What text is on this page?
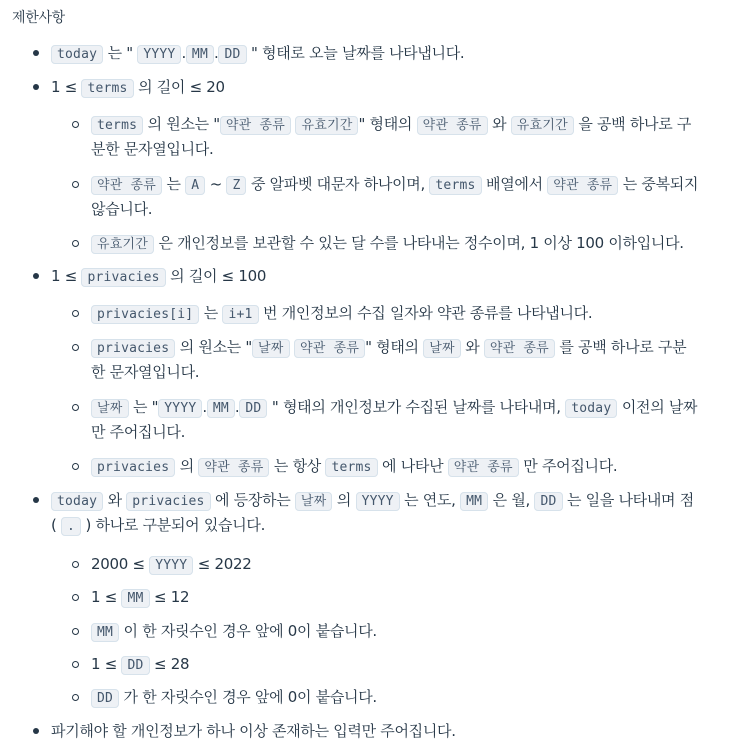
제한사항
today 는 " YYYY . MM . DD " 형태로 오늘 날짜를 나타냅니다.
1 ≤ terms 의 길이 ≤ 20
terms 의 원소는 " 약관 종류 유효기간 " 형태의 약관 종류 와 유효기간 을 공백 하나로 구
분한 문자열입니다.
약관 종류 는 A ~ Z 중 알파벳 대문자 하나이며, terms 배열에서 약관 종류 는 중복되지
않습니다.
유효기간 은 개인정보를 보관할 수 있는 달 수를 나타내는 정수이며, 1 이상 100 이하입니다.
1 ≤ privacies 의 길이 ≤ 100
privacies[i] 는 i+1 번 개인정보의 수집 일자와 약관 종류를 나타냅니다.
privacies 의 원소는 " 날짜 약관 종류 " 형태의 날짜 와 약관 종류 를 공백 하나로 구분
한 문자열입니다.
날짜 는 " YYYY . MM . DD " 형태의 개인정보가 수집된 날짜를 나타내며, today 이전의 날짜
만 주어집니다.
privacies 의 약관 종류 는 항상 terms 에 나타난 약관 종류 만 주어집니다.
today 와 privacies 에 등장하는 날짜 의 YYYY 는 연도, MM 은 월, DD 는 일을 나타내며 점
( . ) 하나로 구분되어 있습니다.
2000 ≤ YYYY ≤ 2022
1 ≤ MM ≤ 12
MM 이 한 자릿수인 경우 앞에 0이 붙습니다.
1 ≤ DD ≤ 28
DD 가 한 자릿수인 경우 앞에 0이 붙습니다.
파기해야 할 개인정보가 하나 이상 존재하는 입력만 주어집니다.
